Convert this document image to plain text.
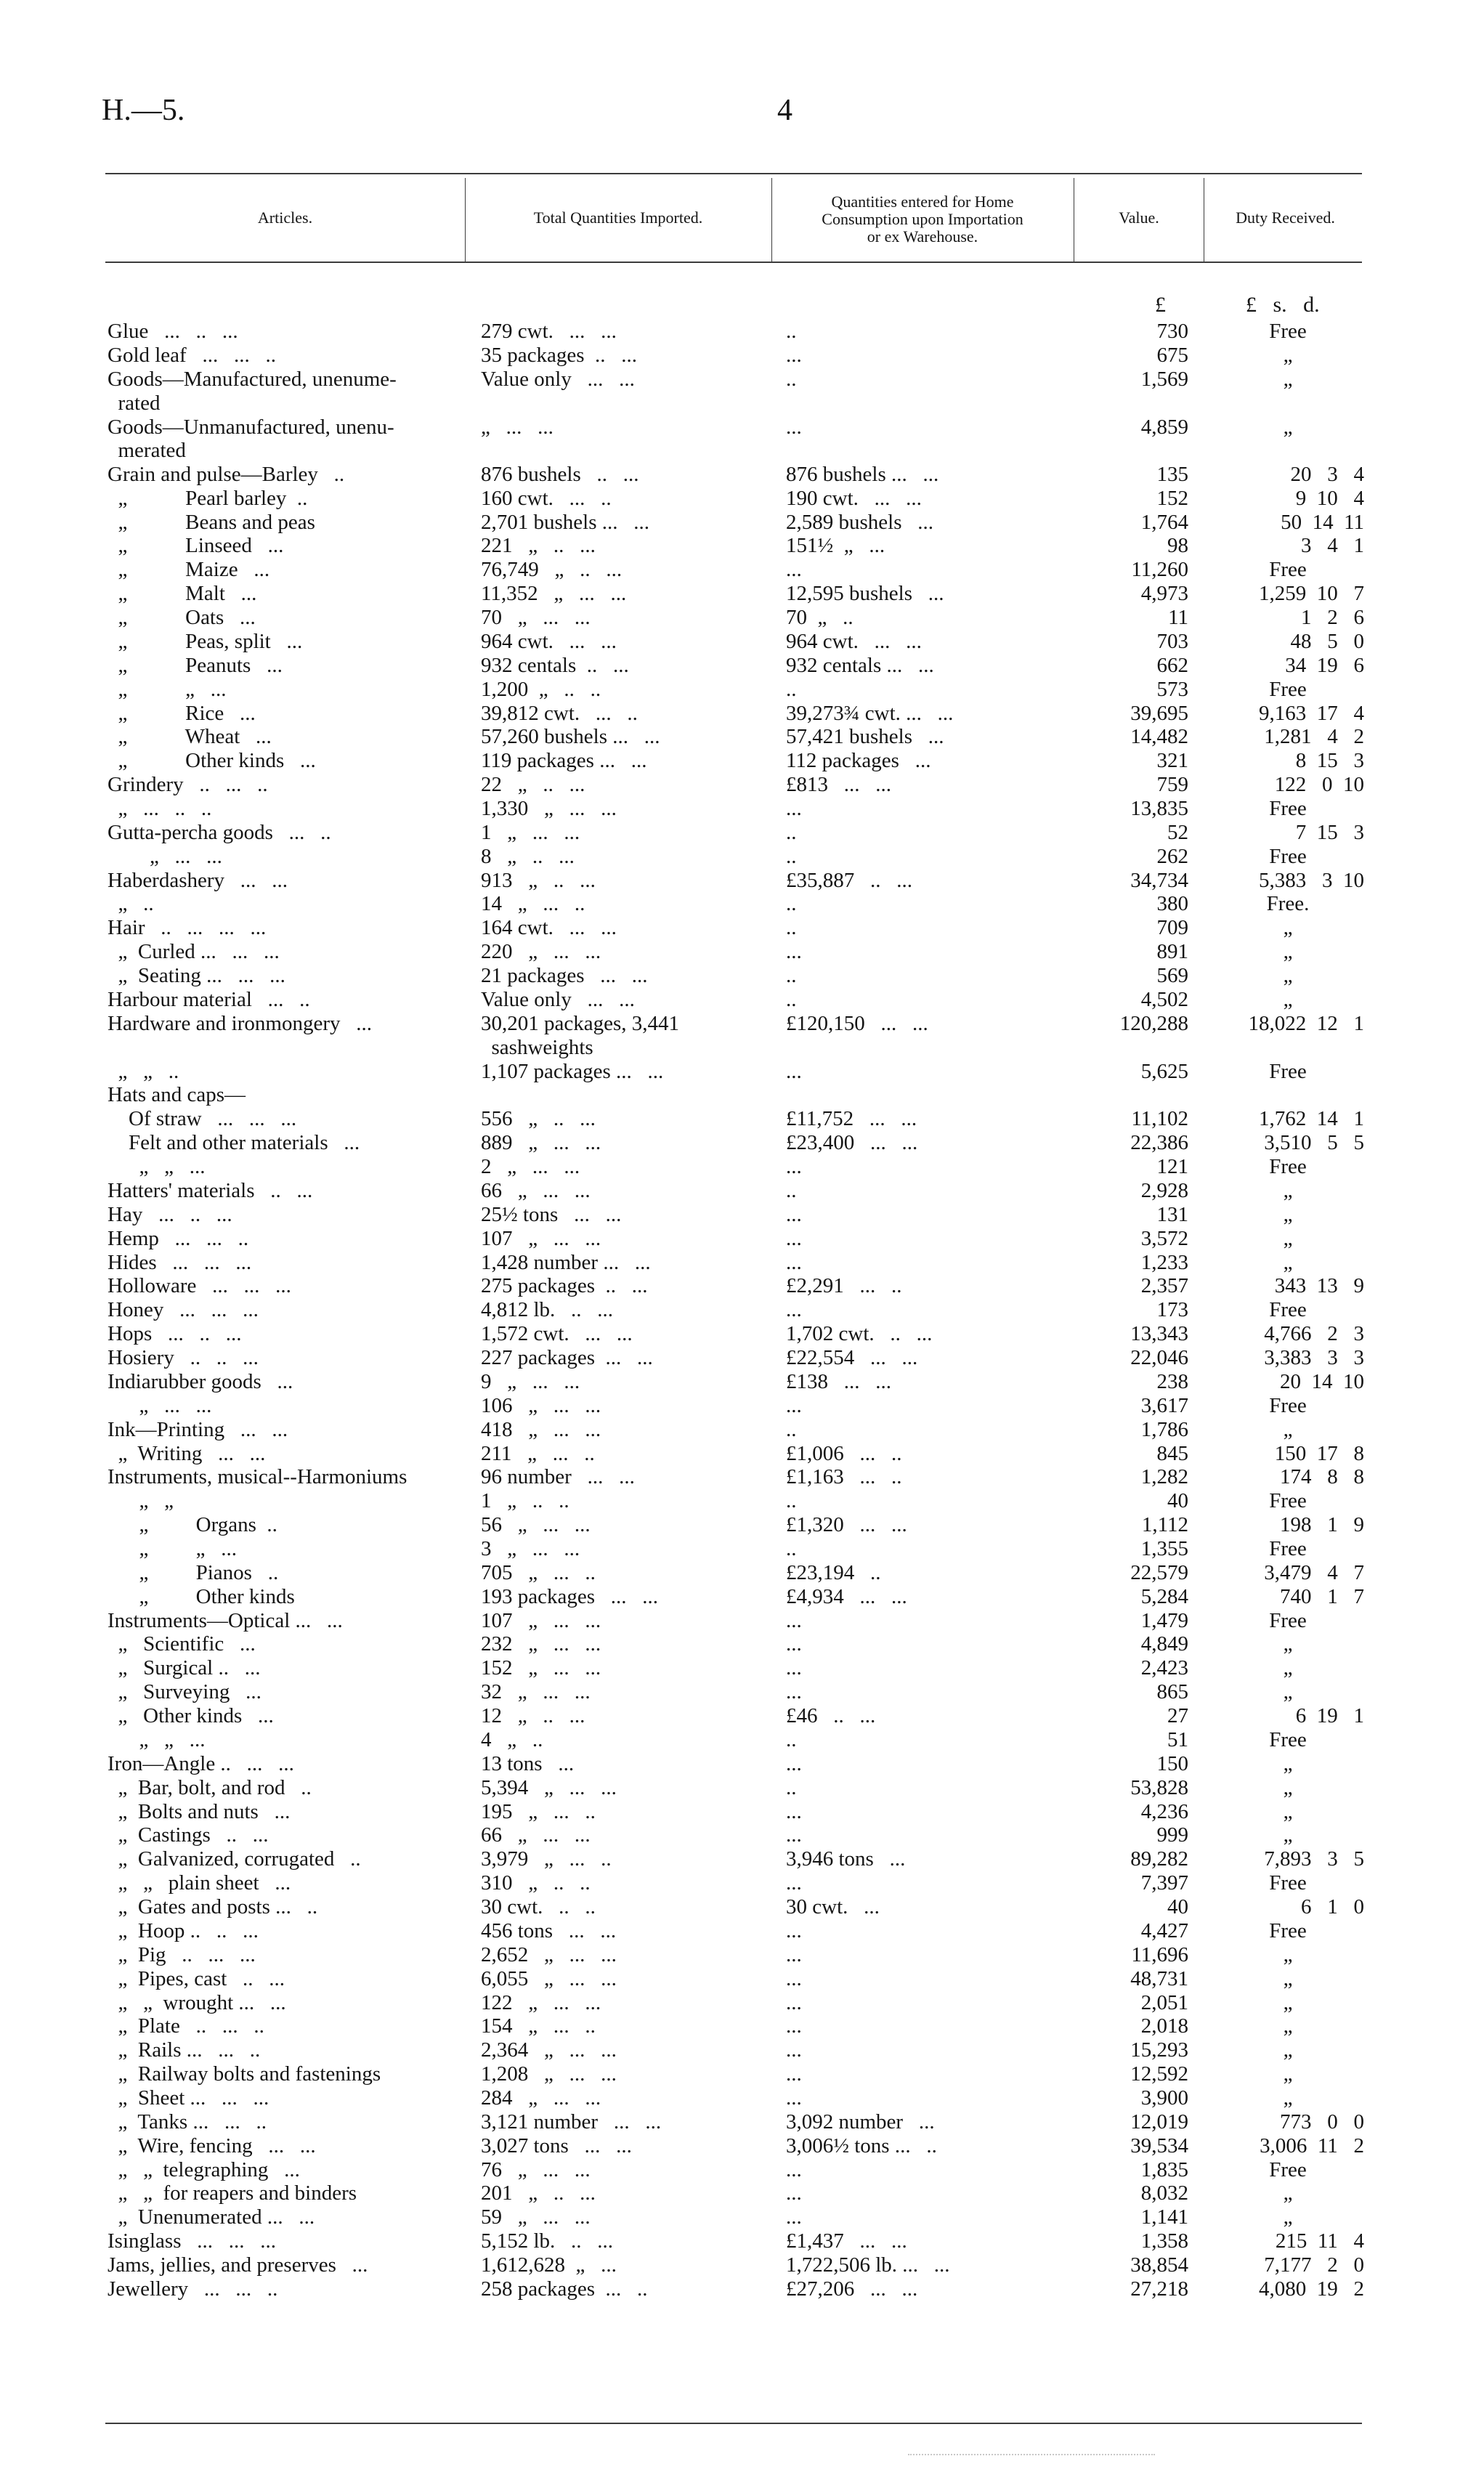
H.—5.	4
Articles.	Total Quantities Imported.
Quantities entered for Home
Consumption upon Importation
or ex Warehouse.
Value.	Duty Received.
£	£   s.   d.
Glue   ...   ..   ...	279 cwt.   ...   ...	..	730	Free
Gold leaf   ...   ...   ..	35 packages  ..   ...	...	675	„
Goods—Manufactured, unenume-	Value only   ...   ...	..	1,569	„
rated
Goods—Unmanufactured, unenu-	„   ...   ...	...	4,859	„
merated
Grain and pulse—Barley   ..	876 bushels   ..   ...	876 bushels ...   ...	135	20   3   4
„           Pearl barley  ..	160 cwt.   ...   ..	190 cwt.   ...   ...	152	9  10   4
„           Beans and peas	2,701 bushels ...   ...	2,589 bushels   ...	1,764	50  14  11
„           Linseed   ...	221   „   ..   ...	151½  „   ...	98	3   4   1
„           Maize   ...	76,749   „   ..   ...	...	11,260	Free
„           Malt   ...	11,352   „   ...   ...	12,595 bushels   ...	4,973	1,259  10   7
„           Oats   ...	70   „   ...   ...	70  „   ..	11	1   2   6
„           Peas, split   ...	964 cwt.   ...   ...	964 cwt.   ...   ...	703	48   5   0
„           Peanuts   ...	932 centals  ..   ...	932 centals ...   ...	662	34  19   6
„           „   ...	1,200  „   ..   ..	..	573	Free
„           Rice   ...	39,812 cwt.   ...   ..	39,273¾ cwt. ...   ...	39,695	9,163  17   4
„           Wheat   ...	57,260 bushels ...   ...	57,421 bushels   ...	14,482	1,281   4   2
„           Other kinds   ...	119 packages ...   ...	112 packages   ...	321	8  15   3
Grindery   ..   ...   ..	22   „   ..   ...	£813   ...   ...	759	122   0  10
„   ...   ..   ..	1,330   „   ...   ...	...	13,835	Free
Gutta-percha goods   ...   ..	1   „   ...   ...	..	52	7  15   3
„   ...   ...	8   „   ..   ...	..	262	Free
Haberdashery   ...   ...	913   „   ..   ...	£35,887   ..   ...	34,734	5,383   3  10
„   ..	14   „   ...   ..	..	380	Free.
Hair   ..   ...   ...   ...	164 cwt.   ...   ...	..	709	„
„  Curled ...   ...   ...	220   „   ...   ...	...	891	„
„  Seating ...   ...   ...	21 packages   ...   ...	..	569	„
Harbour material   ...   ..	Value only   ...   ...	..	4,502	„
Hardware and ironmongery   ...	30,201 packages, 3,441	£120,150   ...   ...	120,288	18,022  12   1
sashweights
„   „   ..	1,107 packages ...   ...	...	5,625	Free
Hats and caps—
Of straw   ...   ...   ...	556   „   ..   ...	£11,752   ...   ...	11,102	1,762  14   1
Felt and other materials   ...	889   „   ...   ...	£23,400   ...   ...	22,386	3,510   5   5
„   „   ...	2   „   ...   ...	...	121	Free
Hatters' materials   ..   ...	66   „   ...   ...	..	2,928	„
Hay   ...   ..   ...	25½ tons   ...   ...	...	131	„
Hemp   ...   ...   ..	107   „   ...   ...	...	3,572	„
Hides   ...   ...   ...	1,428 number ...   ...	...	1,233	„
Holloware   ...   ...   ...	275 packages  ..   ...	£2,291   ...   ..	2,357	343  13   9
Honey   ...   ...   ...	4,812 lb.   ..   ...	...	173	Free
Hops   ...   ..   ...	1,572 cwt.   ...   ...	1,702 cwt.   ..   ...	13,343	4,766   2   3
Hosiery   ..   ..   ...	227 packages  ...   ...	£22,554   ...   ...	22,046	3,383   3   3
Indiarubber goods   ...	9   „   ...   ...	£138   ...   ...	238	20  14  10
„   ...   ...	106   „   ...   ...	...	3,617	Free
Ink—Printing   ...   ...	418   „   ...   ...	..	1,786	„
„  Writing   ...   ...	211   „   ...   ..	£1,006   ...   ..	845	150  17   8
Instruments, musical--Harmoniums	96 number   ...   ...	£1,163   ...   ..	1,282	174   8   8
„   „	1   „   ..   ..	..	40	Free
„         Organs  ..	56   „   ...   ...	£1,320   ...   ...	1,112	198   1   9
„         „   ...	3   „   ...   ...	..	1,355	Free
„         Pianos   ..	705   „   ...   ..	£23,194   ..	22,579	3,479   4   7
„         Other kinds	193 packages   ...   ...	£4,934   ...   ...	5,284	740   1   7
Instruments—Optical ...   ...	107   „   ...   ...	...	1,479	Free
„   Scientific   ...	232   „   ...   ...	...	4,849	„
„   Surgical ..   ...	152   „   ...   ...	...	2,423	„
„   Surveying   ...	32   „   ...   ...	...	865	„
„   Other kinds   ...	12   „   ..   ...	£46   ..   ...	27	6  19   1
„   „   ...	4   „   ..	..	51	Free
Iron—Angle ..   ...   ...	13 tons   ...	...	150	„
„  Bar, bolt, and rod   ..	5,394   „   ...   ...	..	53,828	„
„  Bolts and nuts   ...	195   „   ...   ..	...	4,236	„
„  Castings   ..   ...	66   „   ...   ...	...	999	„
„  Galvanized, corrugated   ..	3,979   „   ...   ..	3,946 tons   ...	89,282	7,893   3   5
„   „   plain sheet   ...	310   „   ..   ..	...	7,397	Free
„  Gates and posts ...   ..	30 cwt.   ..   ..	30 cwt.   ...	40	6   1   0
„  Hoop ..   ..   ...	456 tons   ...   ...	...	4,427	Free
„  Pig   ..   ...   ...	2,652   „   ...   ...	...	11,696	„
„  Pipes, cast   ..   ...	6,055   „   ...   ...	...	48,731	„
„   „  wrought ...   ...	122   „   ...   ...	...	2,051	„
„  Plate   ..   ...   ..	154   „   ...   ..	...	2,018	„
„  Rails ...   ...   ..	2,364   „   ...   ...	...	15,293	„
„  Railway bolts and fastenings	1,208   „   ...   ...	...	12,592	„
„  Sheet ...   ...   ...	284   „   ...   ...	...	3,900	„
„  Tanks ...   ...   ..	3,121 number   ...   ...	3,092 number   ...	12,019	773   0   0
„  Wire, fencing   ...   ...	3,027 tons   ...   ...	3,006½ tons ...   ..	39,534	3,006  11   2
„   „  telegraphing   ...	76   „   ...   ...	...	1,835	Free
„   „  for reapers and binders	201   „   ..   ...	...	8,032	„
„  Unenumerated ...   ...	59   „   ...   ...	...	1,141	„
Isinglass   ...   ...   ...	5,152 lb.   ..   ...	£1,437   ...   ...	1,358	215  11   4
Jams, jellies, and preserves   ...	1,612,628  „   ...	1,722,506 lb. ...   ...	38,854	7,177   2   0
Jewellery   ...   ...   ..	258 packages  ...   ..	£27,206   ...   ...	27,218	4,080  19   2
